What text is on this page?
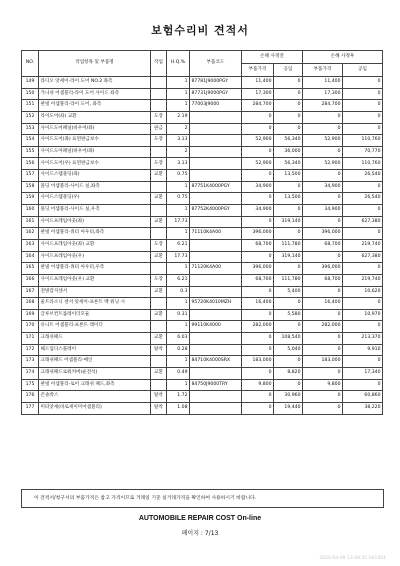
보험수리비 견적서
NO.	작업항목 및 부품명	작업	H.Q.%	부품코드	손해 사정전		손해 사정후	
					부품가격	공임	부품가격	공임
149	라디오 앗세이-라이 도어 NO.2 좌측		1	87781J9000PGY	11,400	0	11,400	0
150	가니쉬 어셈블리-라이 도어 사이드 좌측		1	87731J9000PGY	17,300	0	17,300	0
151	판넬 어셈블리-라이 도어, 좌측		1	77003J9000	284,700	0	284,700	0
152	라이도어(좌) 교환	도장	2.19		0	0	0	0
153	사이드도어패널(바우어/좌)	판금	2		0	0	0	0
154	사이드도어(좌) 표면판금보수	도장	3.13		52,900	56,340	52,900	110,760
155	사이드도어패널(바우어/좌)		2		0	36,000	0	70,770
156	사이드도어(우) 표면판금보수	도장	3.13		52,900	56,340	52,900	110,760
157	사이드스텝몰딩(좌)	교환	0.75		0	13,500	0	26,540
158	몰딩 어셈블리-사이드 실,좌측		1	87751K4000PGY	34,900	0	34,900	0
159	사이드스텝몰딩(우)	교환	0.75		0	13,500	0	26,540
160	몰딩 어셈블리-사이드 실,우측		1	87752K4000PGY	34,900	0	34,900	0
161	사이드프레임아웃(좌)	교환	17.73		0	319,140	0	627,380
162	판넬 어셈블리-쿼터 아우터,좌측		1	71110K4A00	396,000	0	396,000	0
163	사이드프레임아웃(좌) 교환	도장	6.21		68,700	111,780	68,700	219,740
164	사이드프레임아웃(우)	교환	17.73		0	319,140	0	627,380
165	판넬 어셈블리-쿼터 아우터,우측		1	71120K4A00	396,000	0	396,000	0
166	사이드프레임아웃(우) 교환	도장	6.21		68,700	111,780	68,700	219,740
167	전방감지센서	교환	0.3		0	5,400	0	10,620
168	울트라소닉 센서 앗세이-프론트 백 워닝 시		1	95720K4010MZH	16,400	0	16,400	0
169	글루브컨트롤레이더모듈	교환	0.31		0	5,580	0	10,970
170	유니트 어셈블리-프론트 레이더		1	99110K4000	282,000	0	282,000	0
171	크래쉬패드	교환	6.03		0	108,540	0	213,370
172	헤드업디스플레이	탈착	0.28		0	5,040	0	9,910
173	크래쉬패드 어셈블리-메인		1	84710K4000SRX	183,000	0	183,000	0
174	크래쉬패드로워커버(운전석)	교환	0.49		0	8,820	0	17,340
175	판넬 어셈블리-로어 크래쉬 패드,좌측		1	84750J9000TRY	9,800	0	9,800	0
176	콘솔박스	탈착	1.72		0	30,960	0	60,860
177	미터앗세(바로세이미어셈블리)	탈착	1.08		0	19,440	0	38,220
이 견적서/청구서의 부품가격은 참고 가격이므로 거래일 기준 실거래가격을 확인하여 사용하시기 바랍니다.
AUTOMOBILE REPAIR COST On-line
페이지 : 7/13
2020-04-09 13:48:45 A01001
